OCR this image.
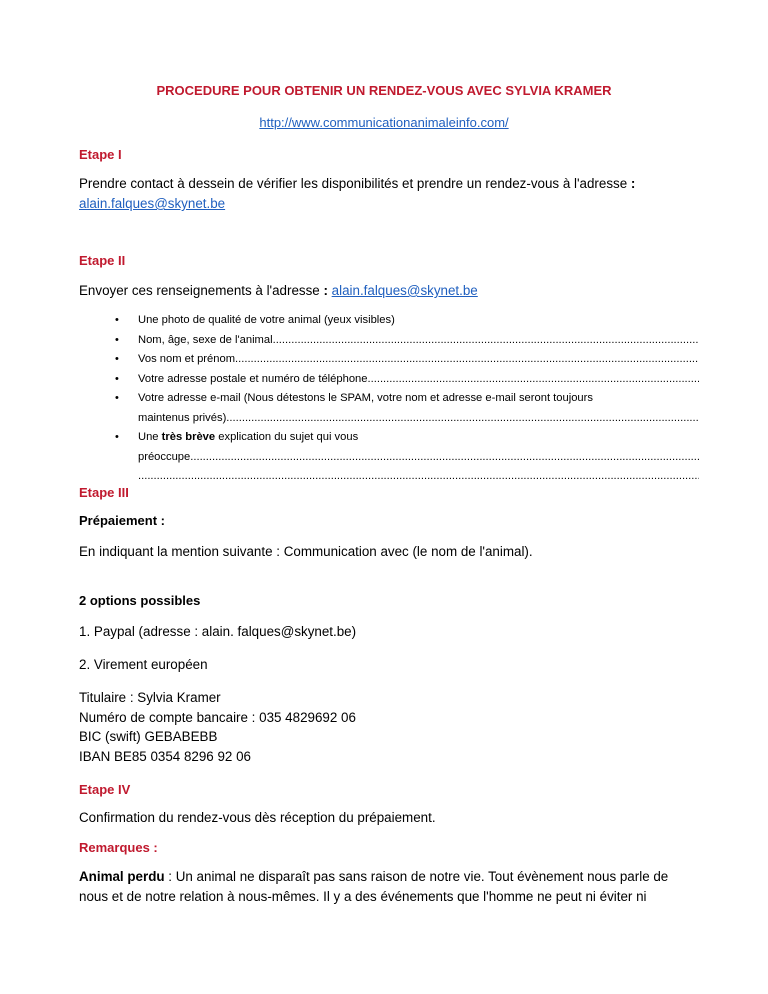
PROCEDURE POUR OBTENIR UN RENDEZ-VOUS AVEC SYLVIA KRAMER
http://www.communicationanimaleinfo.com/
Etape I
Prendre contact à dessein de vérifier les disponibilités et prendre un rendez-vous à l'adresse :
alain.falques@skynet.be
Etape II
Envoyer ces renseignements à l'adresse : alain.falques@skynet.be
• Une photo de qualité de votre animal (yeux visibles)
• Nom, âge, sexe de l'animal .....
• Vos nom et prénom .....
• Votre adresse postale et numéro de téléphone .....
• Votre adresse e-mail (Nous détestons le SPAM, votre nom et adresse e-mail seront toujours
maintenus privés) .....
• Une très brève explication du sujet qui vous
préoccupe .....
.....
Etape III
Prépaiement :
En indiquant la mention suivante : Communication avec (le nom de l'animal).
2 options possibles
1. Paypal (adresse : alain. falques@skynet.be)
2. Virement européen
Titulaire : Sylvia Kramer
Numéro de compte bancaire : 035 4829692 06
BIC (swift) GEBABEBB
IBAN BE85 0354 8296 92 06
Etape IV
Confirmation du rendez-vous dès réception du prépaiement.
Remarques :
Animal perdu : Un animal ne disparaît pas sans raison de notre vie. Tout évènement nous parle de nous et de notre relation à nous-mêmes. Il y a des événements que l'homme ne peut ni éviter ni
